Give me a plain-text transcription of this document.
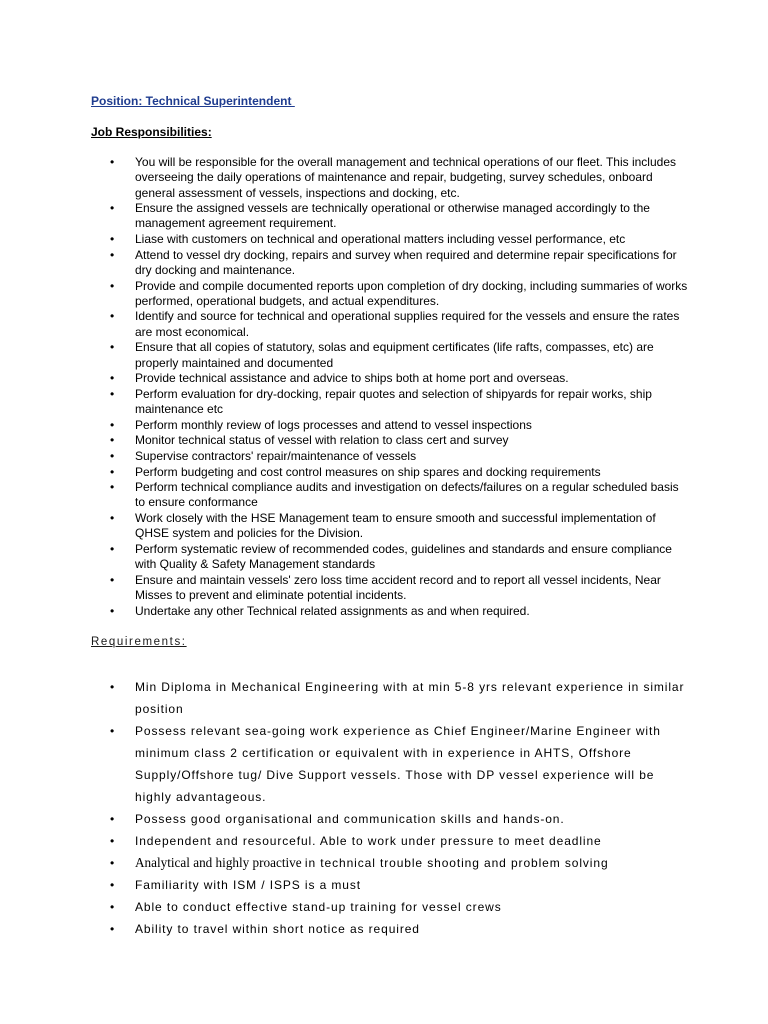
Position: Technical Superintendent
Job Responsibilities:
• You will be responsible for the overall management and technical operations of our fleet. This includes overseeing the daily operations of maintenance and repair, budgeting, survey schedules, onboard general assessment of vessels, inspections and docking, etc.
• Ensure the assigned vessels are technically operational or otherwise managed accordingly to the management agreement requirement.
• Liase with customers on technical and operational matters including vessel performance, etc
• Attend to vessel dry docking, repairs and survey when required and determine repair specifications for dry docking and maintenance.
• Provide and compile documented reports upon completion of dry docking, including summaries of works performed, operational budgets, and actual expenditures.
• Identify and source for technical and operational supplies required for the vessels and ensure the rates are most economical.
• Ensure that all copies of statutory, solas and equipment certificates (life rafts, compasses, etc) are properly maintained and documented
• Provide technical assistance and advice to ships both at home port and overseas.
• Perform evaluation for dry-docking, repair quotes and selection of shipyards for repair works, ship maintenance etc
• Perform monthly review of logs processes and attend to vessel inspections
• Monitor technical status of vessel with relation to class cert and survey
• Supervise contractors' repair/maintenance of vessels
• Perform budgeting and cost control measures on ship spares and docking requirements
• Perform technical compliance audits and investigation on defects/failures on a regular scheduled basis to ensure conformance
• Work closely with the HSE Management team to ensure smooth and successful implementation of QHSE system and policies for the Division.
• Perform systematic review of recommended codes, guidelines and standards and ensure compliance with Quality & Safety Management standards
• Ensure and maintain vessels' zero loss time accident record and to report all vessel incidents, Near Misses to prevent and eliminate potential incidents.
• Undertake any other Technical related assignments as and when required.
Requirements:
• Min Diploma in Mechanical Engineering with at min 5-8 yrs relevant experience in similar position
• Possess relevant sea-going work experience as Chief Engineer/Marine Engineer with minimum class 2 certification or equivalent with in experience in AHTS, Offshore Supply/Offshore tug/ Dive Support vessels. Those with DP vessel experience will be highly advantageous.
• Possess good organisational and communication skills and hands-on.
• Independent and resourceful. Able to work under pressure to meet deadline
• Analytical and highly proactive in technical trouble shooting and problem solving
• Familiarity with ISM / ISPS is a must
• Able to conduct effective stand-up training for vessel crews
• Ability to travel within short notice as required
